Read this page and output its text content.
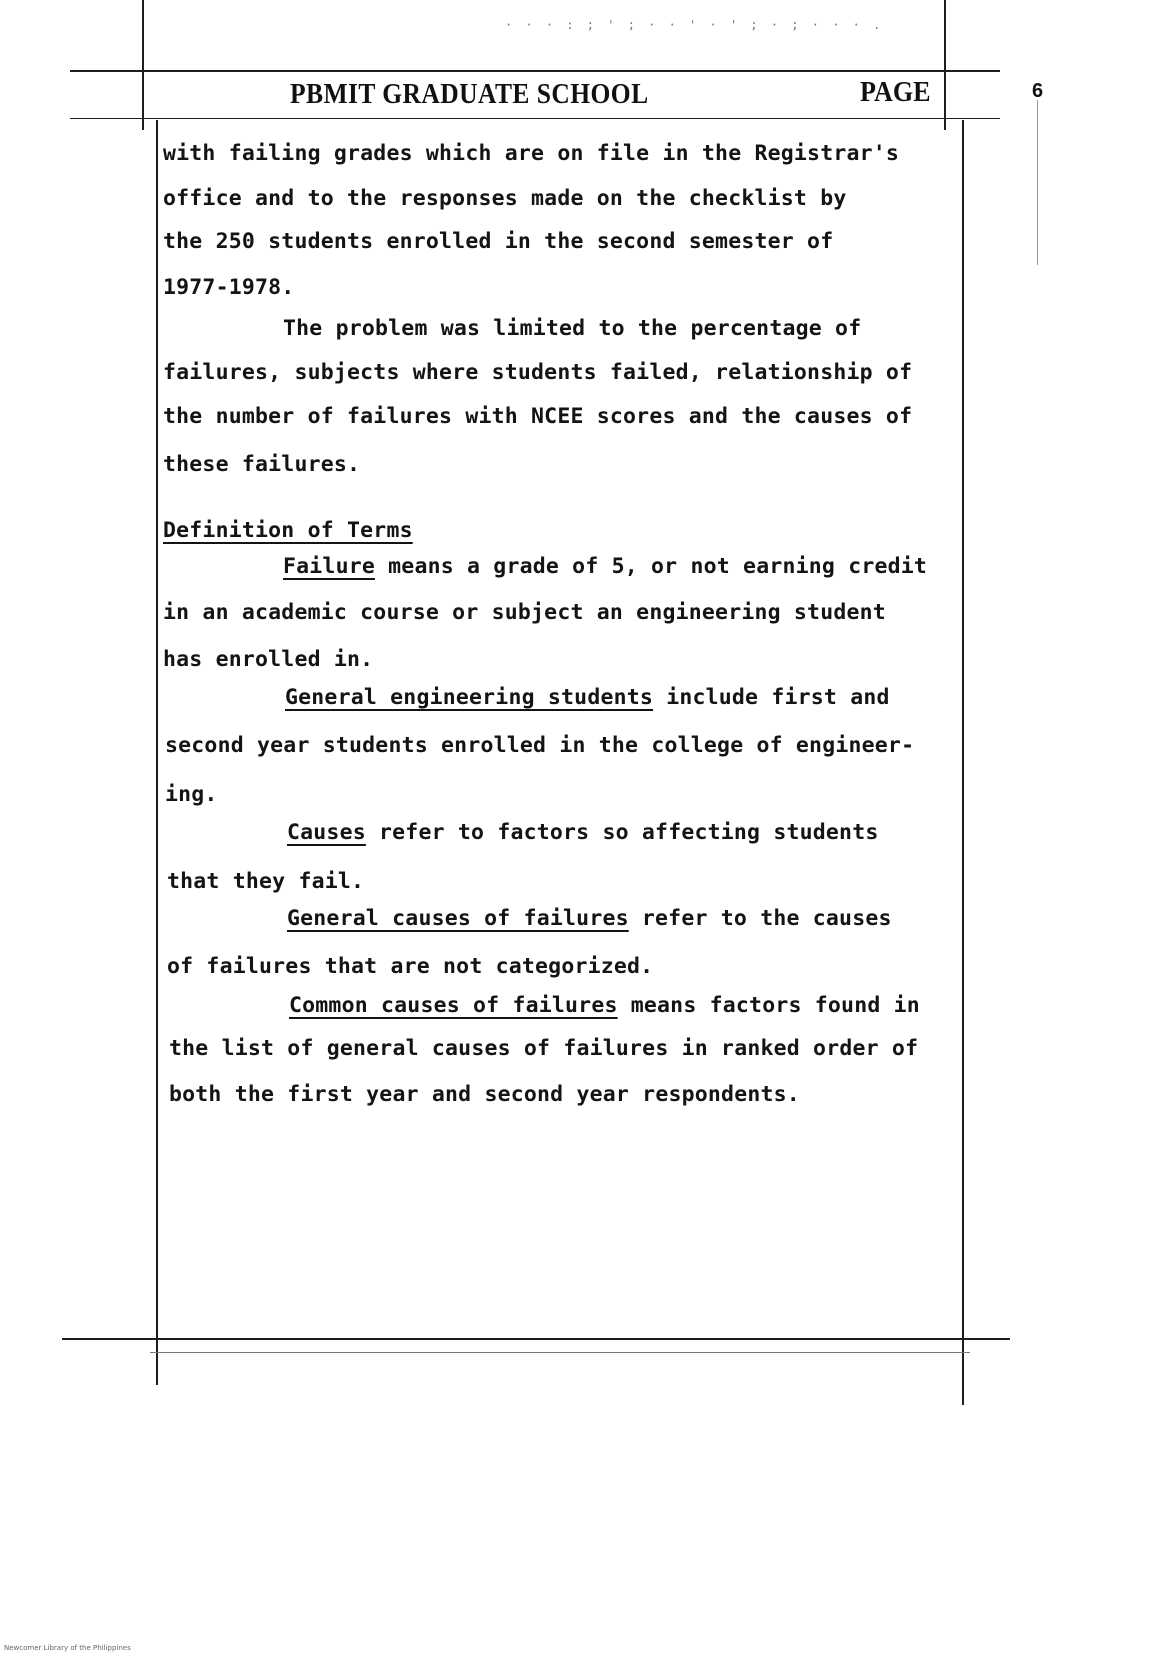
· · · : ; ' ; · · ' · ' ; · ; · · · .
PBMIT GRADUATE SCHOOL	PAGE	6
with failing grades which are on file in the Registrar's
office and to the responses made on the checklist by
the 250 students enrolled in the second semester of
1977-1978.
The problem was limited to the percentage of
failures, subjects where students failed, relationship of
the number of failures with NCEE scores and the causes of
these failures.
Definition of Terms
Failure means a grade of 5, or not earning credit
in an academic course or subject an engineering student
has enrolled in.
General engineering students include first and
second year students enrolled in the college of engineer-
ing.
Causes refer to factors so affecting students
that they fail.
General causes of failures refer to the causes
of failures that are not categorized.
Common causes of failures means factors found in
the list of general causes of failures in ranked order of
both the first year and second year respondents.
Newcomer Library of the Philippines
